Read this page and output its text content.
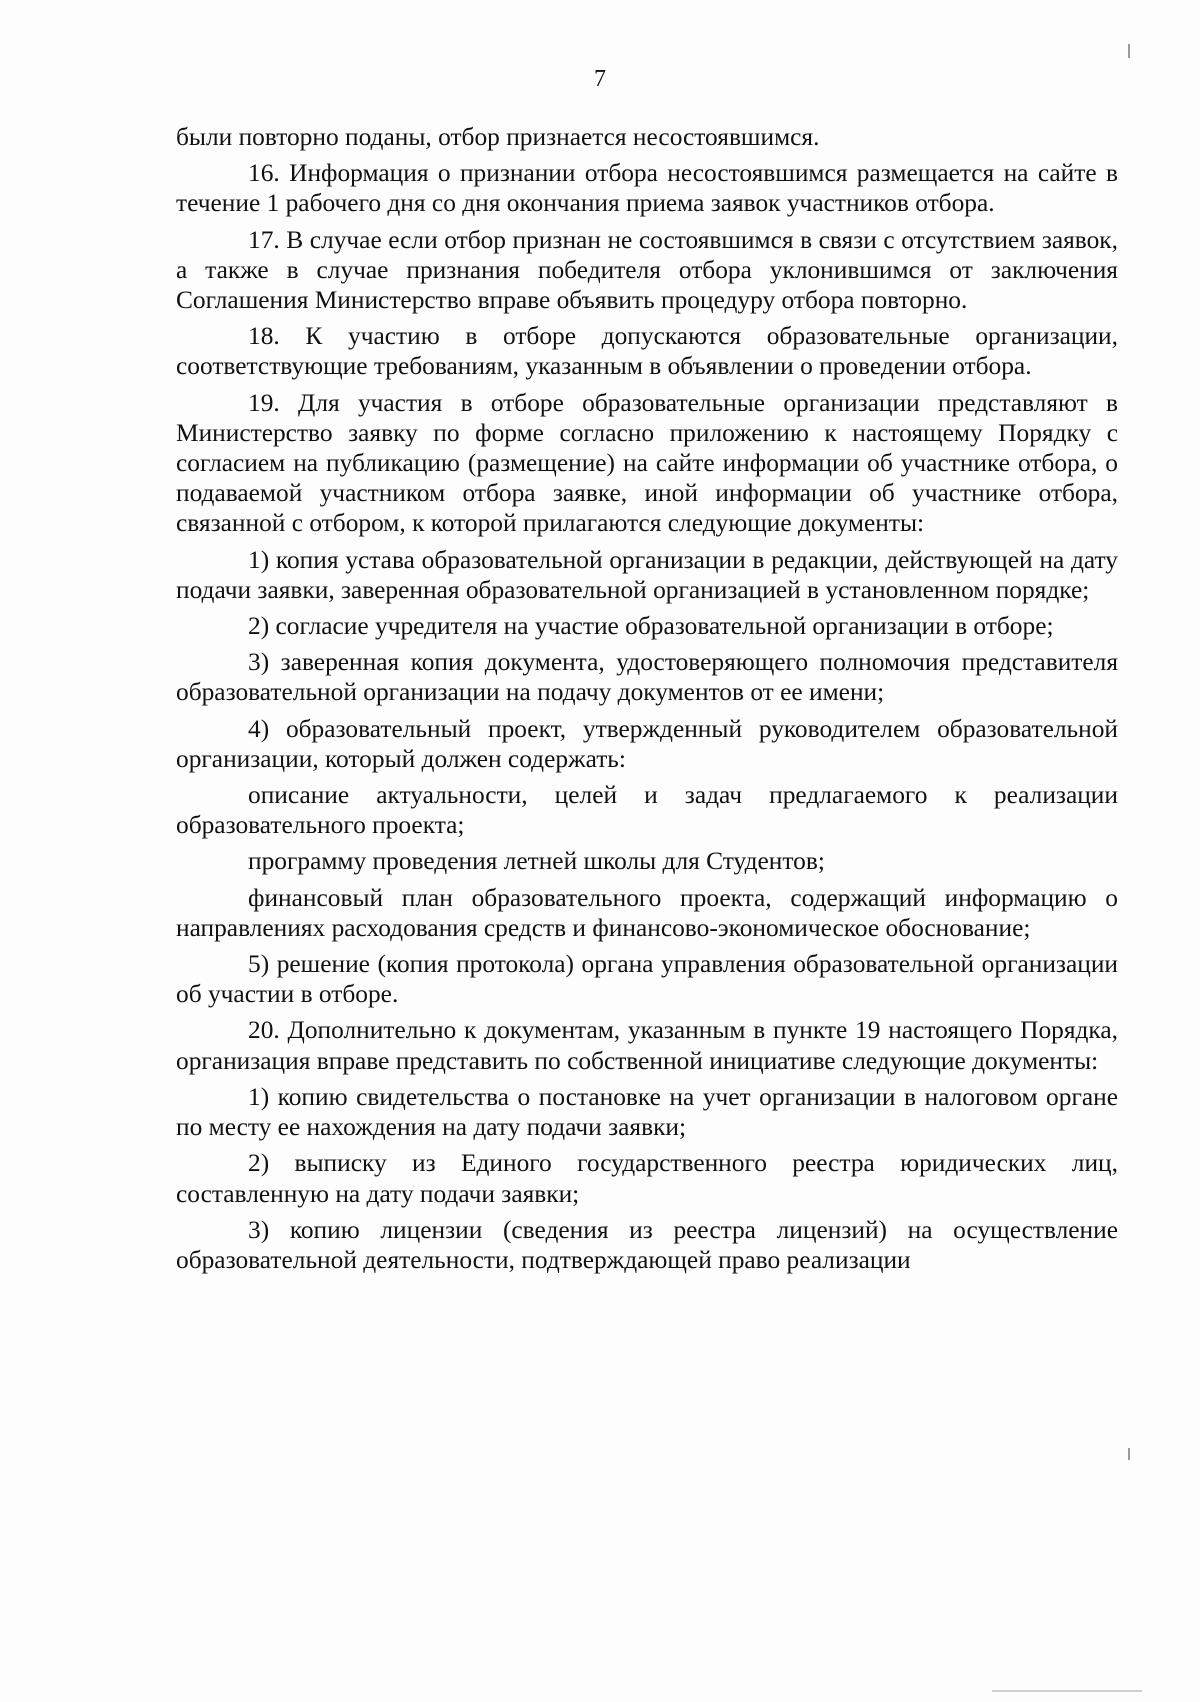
7

были повторно поданы, отбор признается несостоявшимся.

16. Информация о признании отбора несостоявшимся размещается на сайте в течение 1 рабочего дня со дня окончания приема заявок участников отбора.

17. В случае если отбор признан не состоявшимся в связи с отсутствием заявок, а также в случае признания победителя отбора уклонившимся от заключения Соглашения Министерство вправе объявить процедуру отбора повторно.

18. К участию в отборе допускаются образовательные организации, соответствующие требованиям, указанным в объявлении о проведении отбора.

19. Для участия в отборе образовательные организации представляют в Министерство заявку по форме согласно приложению к настоящему Порядку с согласием на публикацию (размещение) на сайте информации об участнике отбора, о подаваемой участником отбора заявке, иной информации об участнике отбора, связанной с отбором, к которой прилагаются следующие документы:

1) копия устава образовательной организации в редакции, действующей на дату подачи заявки, заверенная образовательной организацией в установленном порядке;

2) согласие учредителя на участие образовательной организации в отборе;

3) заверенная копия документа, удостоверяющего полномочия представителя образовательной организации на подачу документов от ее имени;

4) образовательный проект, утвержденный руководителем образовательной организации, который должен содержать:

описание актуальности, целей и задач предлагаемого к реализации образовательного проекта;

программу проведения летней школы для Студентов;

финансовый план образовательного проекта, содержащий информацию о направлениях расходования средств и финансово-экономическое обоснование;

5) решение (копия протокола) органа управления образовательной организации об участии в отборе.

20. Дополнительно к документам, указанным в пункте 19 настоящего Порядка, организация вправе представить по собственной инициативе следующие документы:

1) копию свидетельства о постановке на учет организации в налоговом органе по месту ее нахождения на дату подачи заявки;

2) выписку из Единого государственного реестра юридических лиц, составленную на дату подачи заявки;

3) копию лицензии (сведения из реестра лицензий) на осуществление образовательной деятельности, подтверждающей право реализации
